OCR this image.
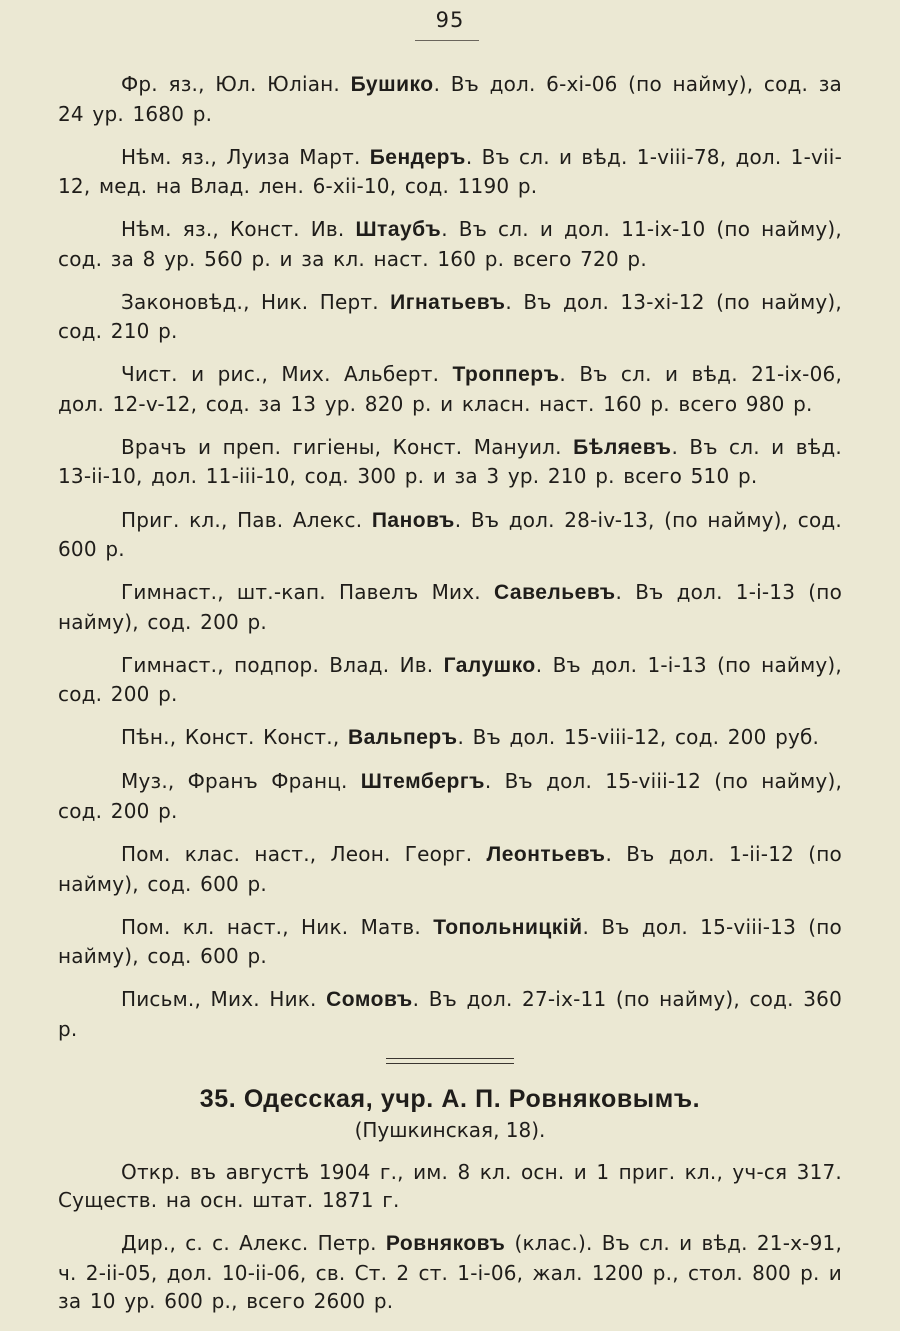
95

Фр. яз., Юл. Юліан. Бушико. Въ дол. 6-xi-06 (по найму), сод. за 24 ур. 1680 р.

Нѣм. яз., Луиза Март. Бендеръ. Въ сл. и вѣд. 1-viii-78, дол. 1-vii-12, мед. на Влад. лен. 6-xii-10, сод. 1190 р.

Нѣм. яз., Конст. Ив. Штаубъ. Въ сл. и дол. 11-ix-10 (по найму), сод. за 8 ур. 560 р. и за кл. наст. 160 р. всего 720 р.

Законовѣд., Ник. Перт. Игнатьевъ. Въ дол. 13-xi-12 (по найму), сод. 210 р.

Чист. и рис., Мих. Альберт. Тропперъ. Въ сл. и вѣд. 21-ix-06, дол. 12-v-12, сод. за 13 ур. 820 р. и класн. наст. 160 р. всего 980 р.

Врачъ и преп. гигіены, Конст. Мануил. Бѣляевъ. Въ сл. и вѣд. 13-ii-10, дол. 11-iii-10, сод. 300 р. и за 3 ур. 210 р. всего 510 р.

Приг. кл., Пав. Алекс. Пановъ. Въ дол. 28-iv-13, (по найму), сод. 600 р.

Гимнаст., шт.-кап. Павелъ Мих. Савельевъ. Въ дол. 1-i-13 (по найму), сод. 200 р.

Гимнаст., подпор. Влад. Ив. Галушко. Въ дол. 1-i-13 (по найму), сод. 200 р.

Пѣн., Конст. Конст., Вальперъ. Въ дол. 15-viii-12, сод. 200 руб.

Муз., Франъ Франц. Штембергъ. Въ дол. 15-viii-12 (по найму), сод. 200 р.

Пом. клас. наст., Леон. Георг. Леонтьевъ. Въ дол. 1-ii-12 (по найму), сод. 600 р.

Пом. кл. наст., Ник. Матв. Топольницкій. Въ дол. 15-viii-13 (по найму), сод. 600 р.

Письм., Мих. Ник. Сомовъ. Въ дол. 27-ix-11 (по найму), сод. 360 р.

35. Одесская, учр. А. П. Ровняковымъ.
(Пушкинская, 18).

Откр. въ августѣ 1904 г., им. 8 кл. осн. и 1 приг. кл., уч-ся 317. Существ. на осн. штат. 1871 г.

Дир., с. с. Алекс. Петр. Ровняковъ (клас.). Въ сл. и вѣд. 21-x-91, ч. 2-ii-05, дол. 10-ii-06, св. Ст. 2 ст. 1-i-06, жал. 1200 р., стол. 800 р. и за 10 ур. 600 р., всего 2600 р.
